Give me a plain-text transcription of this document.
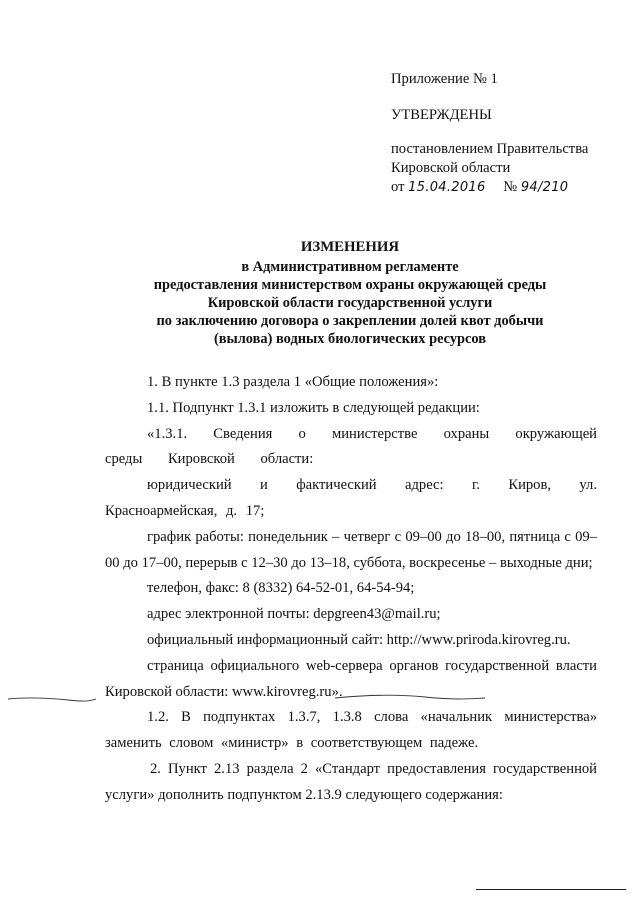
Приложение № 1
УТВЕРЖДЕНЫ
постановлением Правительства
Кировской области
от 15.04.2016 № 94/210
ИЗМЕНЕНИЯ
в Административном регламенте
предоставления министерством охраны окружающей среды
Кировской области государственной услуги
по заключению договора о закреплении долей квот добычи
(вылова) водных биологических ресурсов

1. В пункте 1.3 раздела 1 «Общие положения»:

1.1. Подпункт 1.3.1 изложить в следующей редакции:

«1.3.1. Сведения о министерстве охраны окружающей среды Кировской области:

юридический и фактический адрес: г. Киров, ул. Красноармейская, д. 17;

график работы: понедельник – четверг с 09–00 до 18–00, пятница с 09–00 до 17–00, перерыв с 12–30 до 13–18, суббота, воскресенье – выходные дни;

телефон, факс: 8 (8332) 64-52-01, 64-54-94;

адрес электронной почты: depgreen43@mail.ru;

официальный информационный сайт: http://www.priroda.kirovreg.ru.

страница официального web-сервера органов государственной власти Кировской области: www.kirovreg.ru».

1.2. В подпунктах 1.3.7, 1.3.8 слова «начальник министерства» заменить словом «министр» в соответствующем падеже.

2. Пункт 2.13 раздела 2 «Стандарт предоставления государственной услуги» дополнить подпунктом 2.13.9 следующего содержания:
